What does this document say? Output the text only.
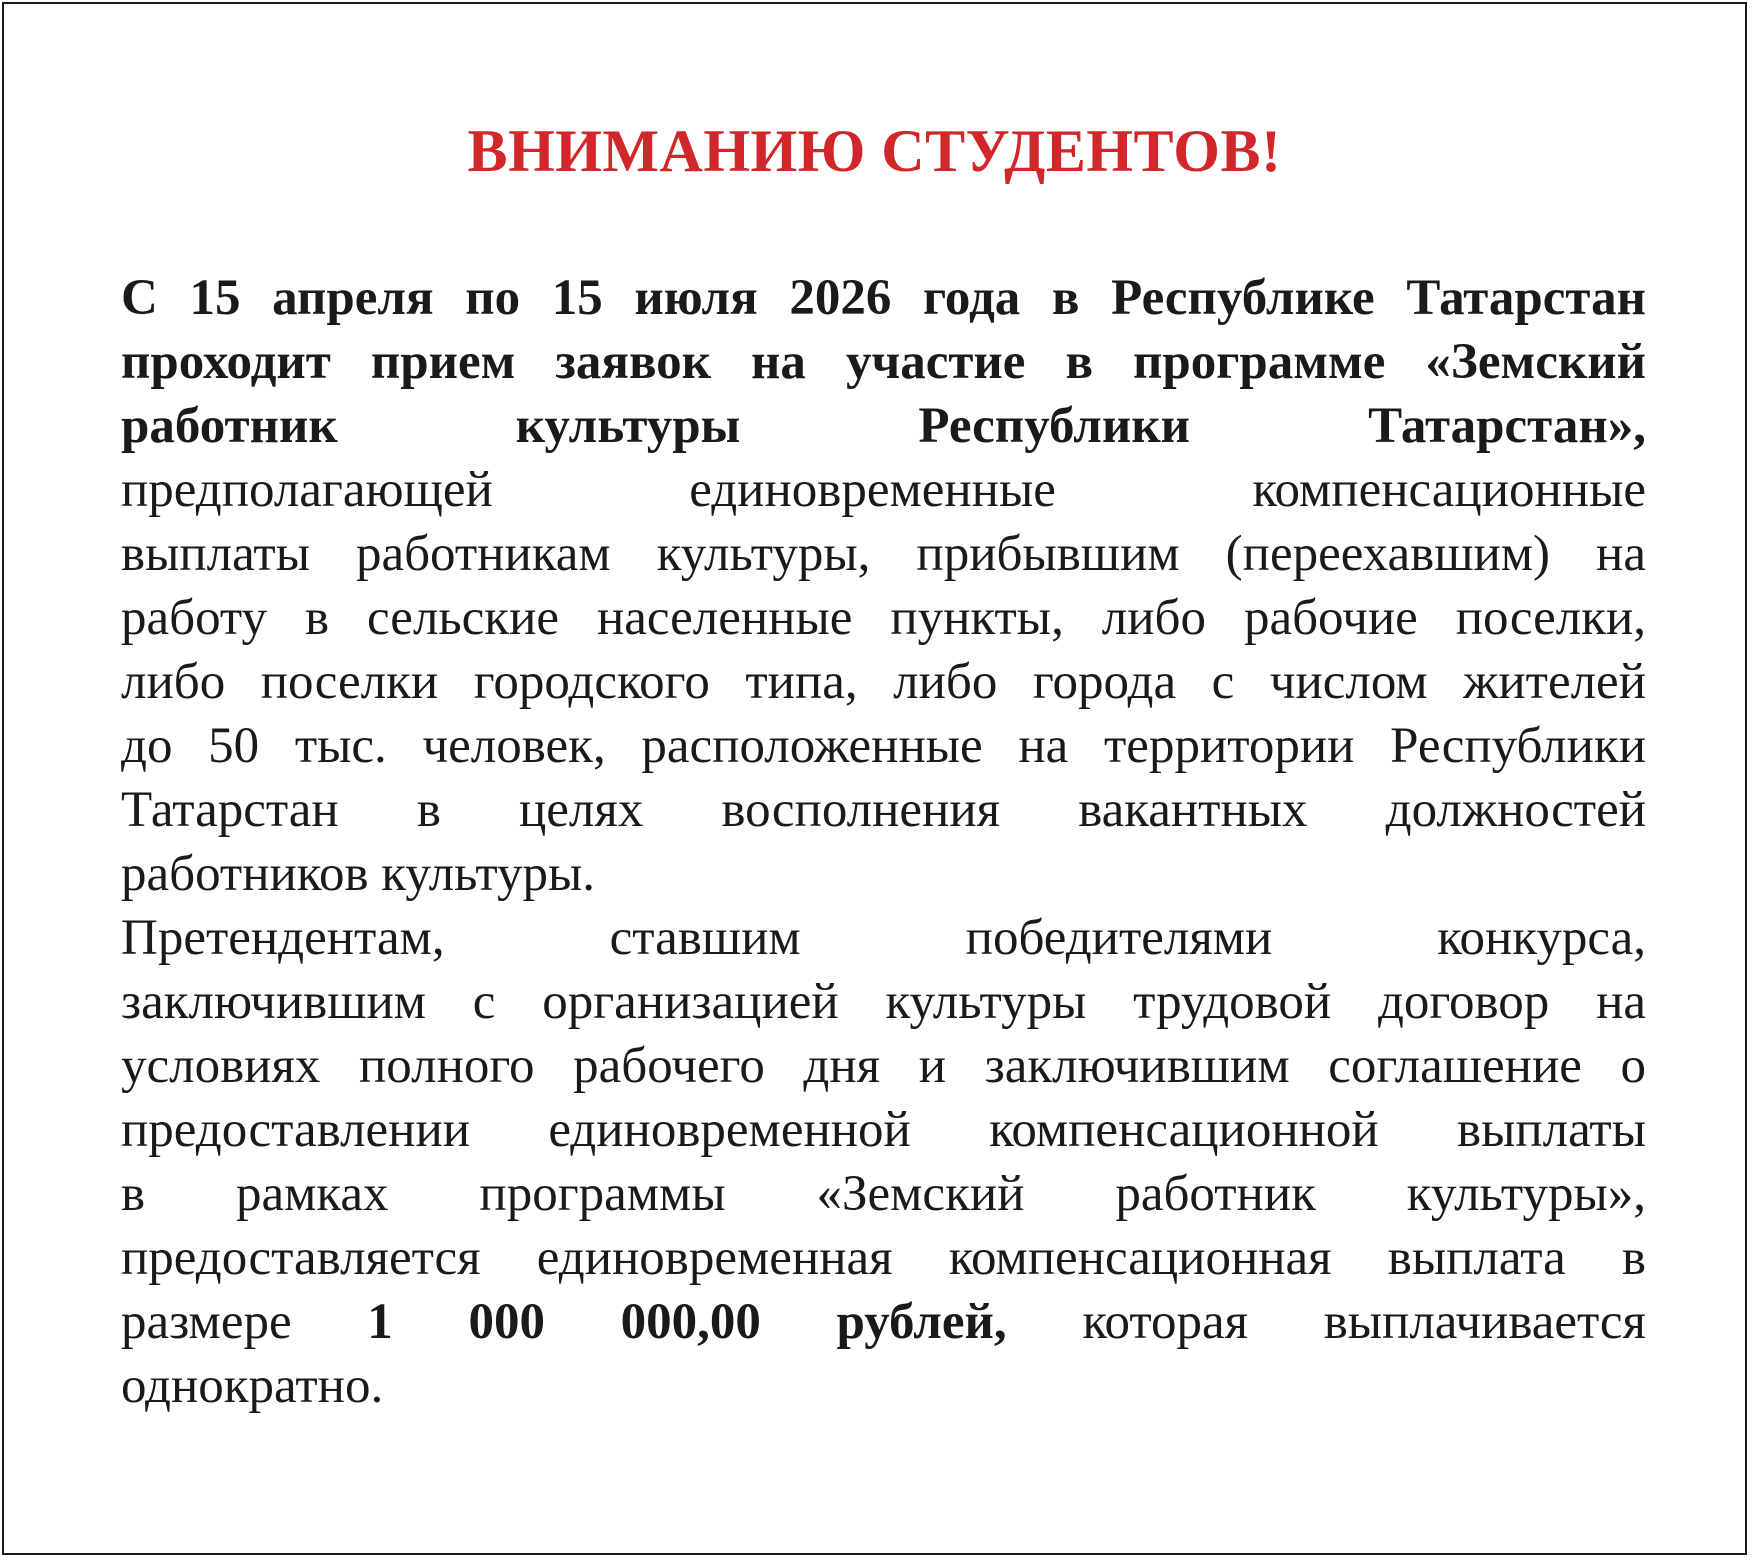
ВНИМАНИЮ СТУДЕНТОВ!
С 15 апреля по 15 июля 2026 года в Республике Татарстан
проходит прием заявок на участие в программе «Земский
работник культуры Республики Татарстан»,
предполагающей единовременные компенсационные
выплаты работникам культуры, прибывшим (переехавшим) на
работу в сельские населенные пункты, либо рабочие поселки,
либо поселки городского типа, либо города с числом жителей
до 50 тыс. человек, расположенные на территории Республики
Татарстан в целях восполнения вакантных должностей
работников культуры.
Претендентам, ставшим победителями конкурса,
заключившим с организацией культуры трудовой договор на
условиях полного рабочего дня и заключившим соглашение о
предоставлении единовременной компенсационной выплаты
в рамках программы «Земский работник культуры»,
предоставляется единовременная компенсационная выплата в
размере 1 000 000,00 рублей, которая выплачивается
однократно.
